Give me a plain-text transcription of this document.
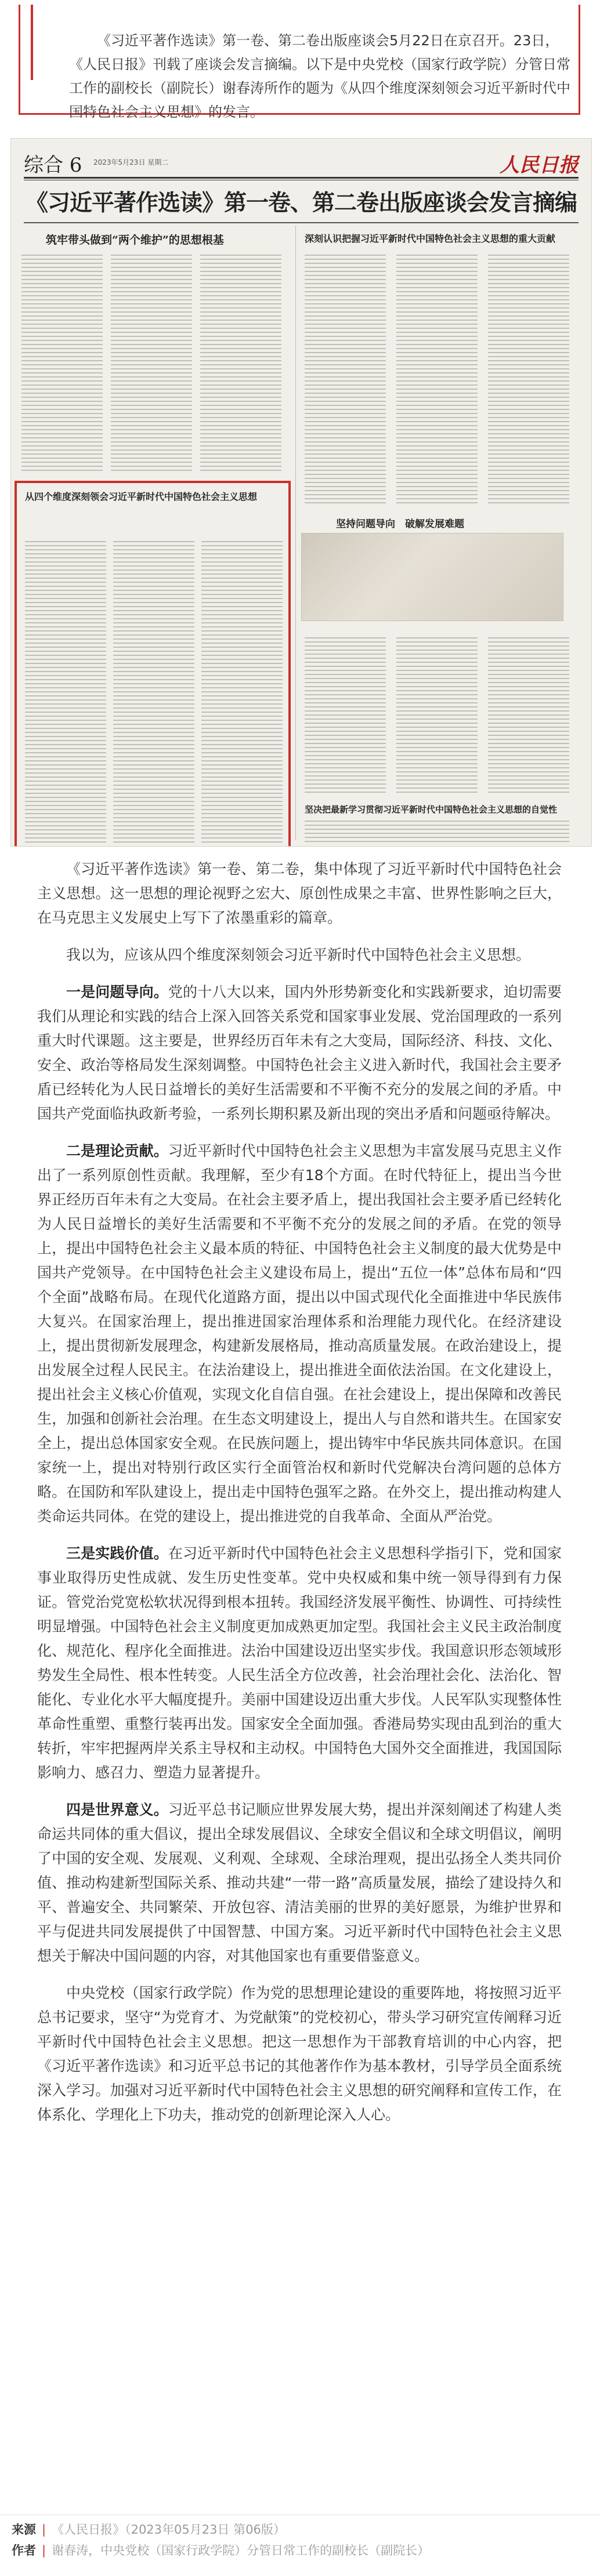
《习近平著作选读》第一卷、第二卷出版座谈会5月22日在京召开。23日，《人民日报》刊载了座谈会发言摘编。以下是中央党校（国家行政学院）分管日常工作的副校长（副院长）谢春涛所作的题为《从四个维度深刻领会习近平新时代中国特色社会主义思想》的发言。
综合 6 2023年5月23日 星期二	人民日报
《习近平著作选读》第一卷、第二卷出版座谈会发言摘编
筑牢带头做到“两个维护”的思想根基	深刻认识把握习近平新时代中国特色社会主义思想的重大贡献
从四个维度深刻领会习近平新时代中国特色社会主义思想
坚持问题导向　破解发展难题
坚决把最新学习贯彻习近平新时代中国特色社会主义思想的自觉性

《习近平著作选读》第一卷、第二卷，集中体现了习近平新时代中国特色社会主义思想。这一思想的理论视野之宏大、原创性成果之丰富、世界性影响之巨大，在马克思主义发展史上写下了浓墨重彩的篇章。

我以为，应该从四个维度深刻领会习近平新时代中国特色社会主义思想。

一是问题导向。党的十八大以来，国内外形势新变化和实践新要求，迫切需要我们从理论和实践的结合上深入回答关系党和国家事业发展、党治国理政的一系列重大时代课题。这主要是，世界经历百年未有之大变局，国际经济、科技、文化、安全、政治等格局发生深刻调整。中国特色社会主义进入新时代，我国社会主要矛盾已经转化为人民日益增长的美好生活需要和不平衡不充分的发展之间的矛盾。中国共产党面临执政新考验，一系列长期积累及新出现的突出矛盾和问题亟待解决。

二是理论贡献。习近平新时代中国特色社会主义思想为丰富发展马克思主义作出了一系列原创性贡献。我理解，至少有18个方面。在时代特征上，提出当今世界正经历百年未有之大变局。在社会主要矛盾上，提出我国社会主要矛盾已经转化为人民日益增长的美好生活需要和不平衡不充分的发展之间的矛盾。在党的领导上，提出中国特色社会主义最本质的特征、中国特色社会主义制度的最大优势是中国共产党领导。在中国特色社会主义建设布局上，提出“五位一体”总体布局和“四个全面”战略布局。在现代化道路方面，提出以中国式现代化全面推进中华民族伟大复兴。在国家治理上，提出推进国家治理体系和治理能力现代化。在经济建设上，提出贯彻新发展理念，构建新发展格局，推动高质量发展。在政治建设上，提出发展全过程人民民主。在法治建设上，提出推进全面依法治国。在文化建设上，提出社会主义核心价值观，实现文化自信自强。在社会建设上，提出保障和改善民生，加强和创新社会治理。在生态文明建设上，提出人与自然和谐共生。在国家安全上，提出总体国家安全观。在民族问题上，提出铸牢中华民族共同体意识。在国家统一上，提出对特别行政区实行全面管治权和新时代党解决台湾问题的总体方略。在国防和军队建设上，提出走中国特色强军之路。在外交上，提出推动构建人类命运共同体。在党的建设上，提出推进党的自我革命、全面从严治党。

三是实践价值。在习近平新时代中国特色社会主义思想科学指引下，党和国家事业取得历史性成就、发生历史性变革。党中央权威和集中统一领导得到有力保证。管党治党宽松软状况得到根本扭转。我国经济发展平衡性、协调性、可持续性明显增强。中国特色社会主义制度更加成熟更加定型。我国社会主义民主政治制度化、规范化、程序化全面推进。法治中国建设迈出坚实步伐。我国意识形态领域形势发生全局性、根本性转变。人民生活全方位改善，社会治理社会化、法治化、智能化、专业化水平大幅度提升。美丽中国建设迈出重大步伐。人民军队实现整体性革命性重塑、重整行装再出发。国家安全全面加强。香港局势实现由乱到治的重大转折，牢牢把握两岸关系主导权和主动权。中国特色大国外交全面推进，我国国际影响力、感召力、塑造力显著提升。

四是世界意义。习近平总书记顺应世界发展大势，提出并深刻阐述了构建人类命运共同体的重大倡议，提出全球发展倡议、全球安全倡议和全球文明倡议，阐明了中国的安全观、发展观、义利观、全球观、全球治理观，提出弘扬全人类共同价值、推动构建新型国际关系、推动共建“一带一路”高质量发展，描绘了建设持久和平、普遍安全、共同繁荣、开放包容、清洁美丽的世界的美好愿景，为维护世界和平与促进共同发展提供了中国智慧、中国方案。习近平新时代中国特色社会主义思想关于解决中国问题的内容，对其他国家也有重要借鉴意义。

中央党校（国家行政学院）作为党的思想理论建设的重要阵地，将按照习近平总书记要求，坚守“为党育才、为党献策”的党校初心，带头学习研究宣传阐释习近平新时代中国特色社会主义思想。把这一思想作为干部教育培训的中心内容，把《习近平著作选读》和习近平总书记的其他著作作为基本教材，引导学员全面系统深入学习。加强对习近平新时代中国特色社会主义思想的研究阐释和宣传工作，在体系化、学理化上下功夫，推动党的创新理论深入人心。

来源 | 《人民日报》（2023年05月23日 第06版）
作者 | 谢春涛，中央党校（国家行政学院）分管日常工作的副校长（副院长）
